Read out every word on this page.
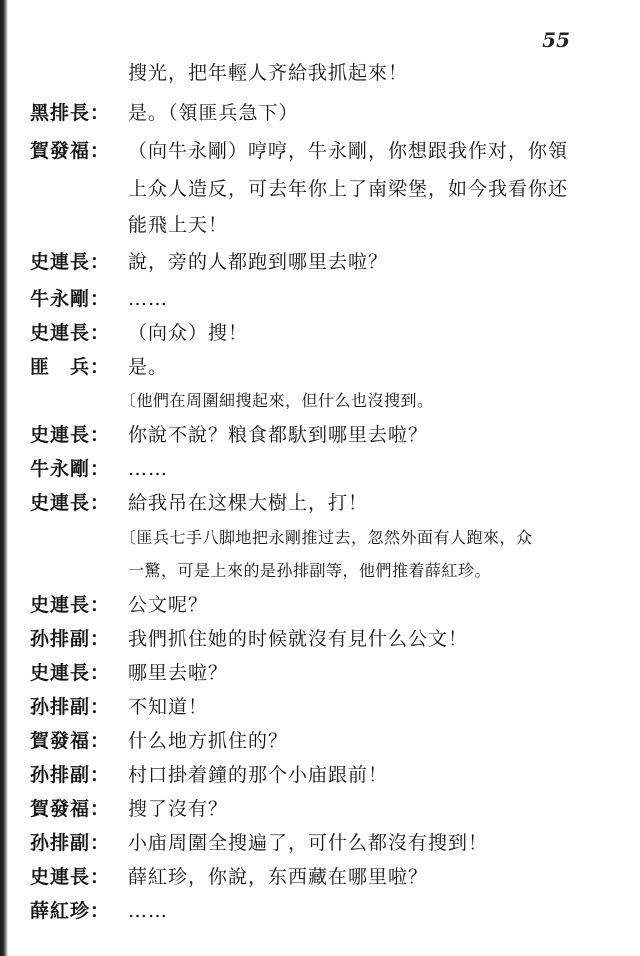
55
搜光，把年輕人齐給我抓起來！
黑排長： 是。（領匪兵急下）
賀發福： （向牛永剛）哼哼，牛永剛，你想跟我作对，你領
上众人造反，可去年你上了南梁堡，如今我看你还
能飛上天！
史連長： 說，旁的人都跑到哪里去啦？
牛永剛： ……
史連長： （向众）搜！
匪　兵： 是。
〔他們在周圍細搜起來，但什么也沒搜到。
史連長： 你說不說？粮食都馱到哪里去啦？
牛永剛： ……
史連長： 給我吊在这棵大樹上，打！
〔匪兵七手八脚地把永剛推过去，忽然外面有人跑來，众
一驚，可是上來的是孙排副等，他們推着薛紅珍。
史連長： 公文呢？
孙排副： 我們抓住她的时候就沒有見什么公文！
史連長： 哪里去啦？
孙排副： 不知道！
賀發福： 什么地方抓住的？
孙排副： 村口掛着鐘的那个小庙跟前！
賀發福： 搜了沒有？
孙排副： 小庙周圍全搜遍了，可什么都沒有搜到！
史連長： 薛紅珍，你說，东西藏在哪里啦？
薛紅珍： ……
